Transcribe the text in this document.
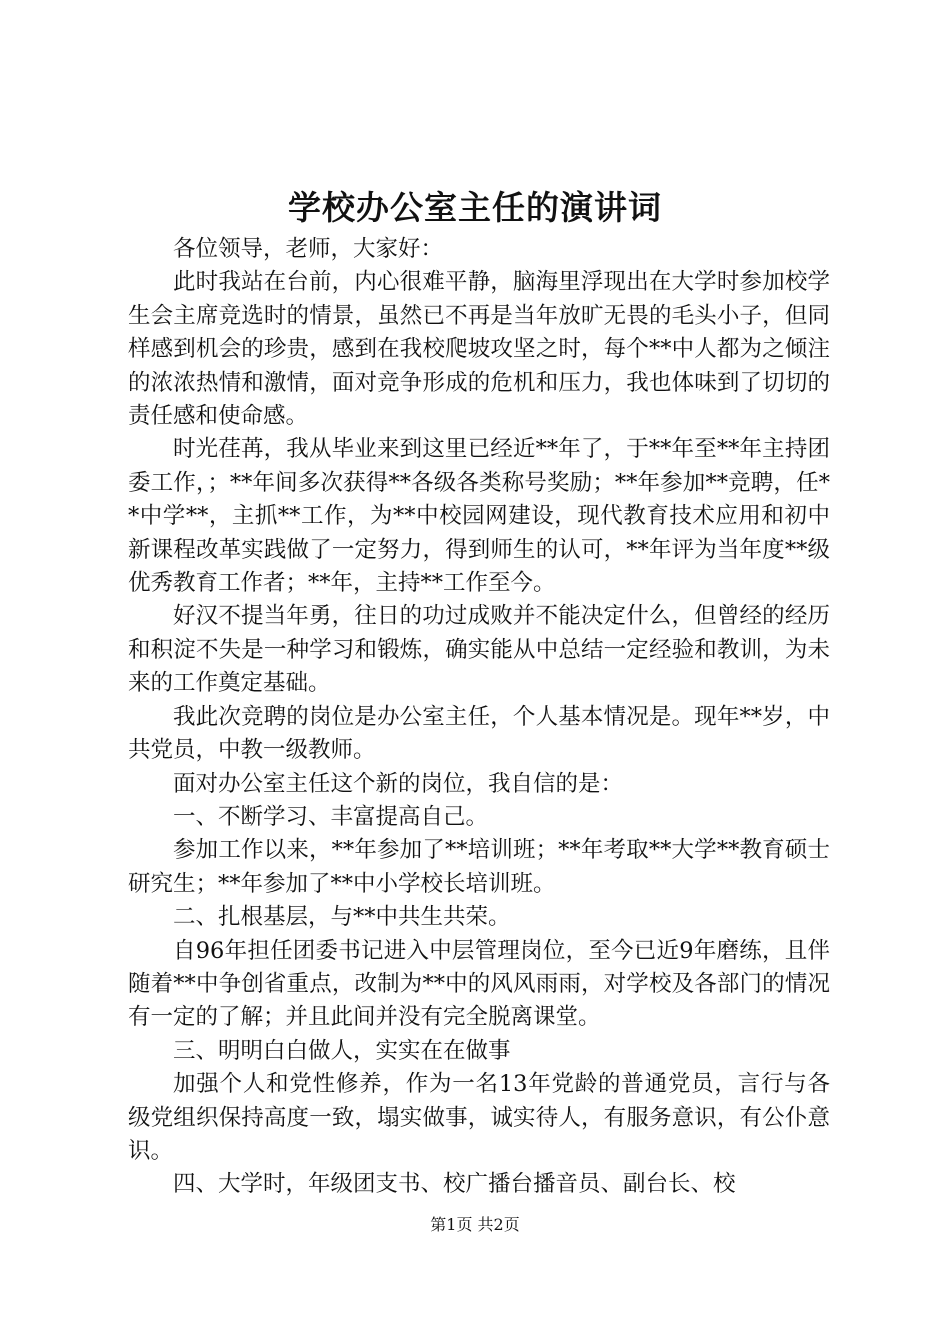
学校办公室主任的演讲词

各位领导，老师，大家好：

此时我站在台前，内心很难平静，脑海里浮现出在大学时参加校学生会主席竞选时的情景，虽然已不再是当年放旷无畏的毛头小子，但同样感到机会的珍贵，感到在我校爬坡攻坚之时，每个**中人都为之倾注的浓浓热情和激情，面对竞争形成的危机和压力，我也体味到了切切的责任感和使命感。

时光荏苒，我从毕业来到这里已经近**年了，于**年至**年主持团委工作，；**年间多次获得**各级各类称号奖励；**年参加**竞聘，任**中学**，主抓**工作，为**中校园网建设，现代教育技术应用和初中新课程改革实践做了一定努力，得到师生的认可，**年评为当年度**级优秀教育工作者；**年，主持**工作至今。

好汉不提当年勇，往日的功过成败并不能决定什么，但曾经的经历和积淀不失是一种学习和锻炼，确实能从中总结一定经验和教训，为未来的工作奠定基础。

我此次竞聘的岗位是办公室主任，个人基本情况是。现年**岁，中共党员，中教一级教师。

面对办公室主任这个新的岗位，我自信的是：

一、不断学习、丰富提高自己。

参加工作以来，**年参加了**培训班；**年考取**大学**教育硕士研究生；**年参加了**中小学校长培训班。

二、扎根基层，与**中共生共荣。

自96年担任团委书记进入中层管理岗位，至今已近9年磨练，且伴随着**中争创省重点，改制为**中的风风雨雨，对学校及各部门的情况有一定的了解；并且此间并没有完全脱离课堂。

三、明明白白做人，实实在在做事

加强个人和党性修养，作为一名13年党龄的普通党员，言行与各级党组织保持高度一致，塌实做事，诚实待人，有服务意识，有公仆意识。

四、大学时，年级团支书、校广播台播音员、副台长、校

第1页 共2页
